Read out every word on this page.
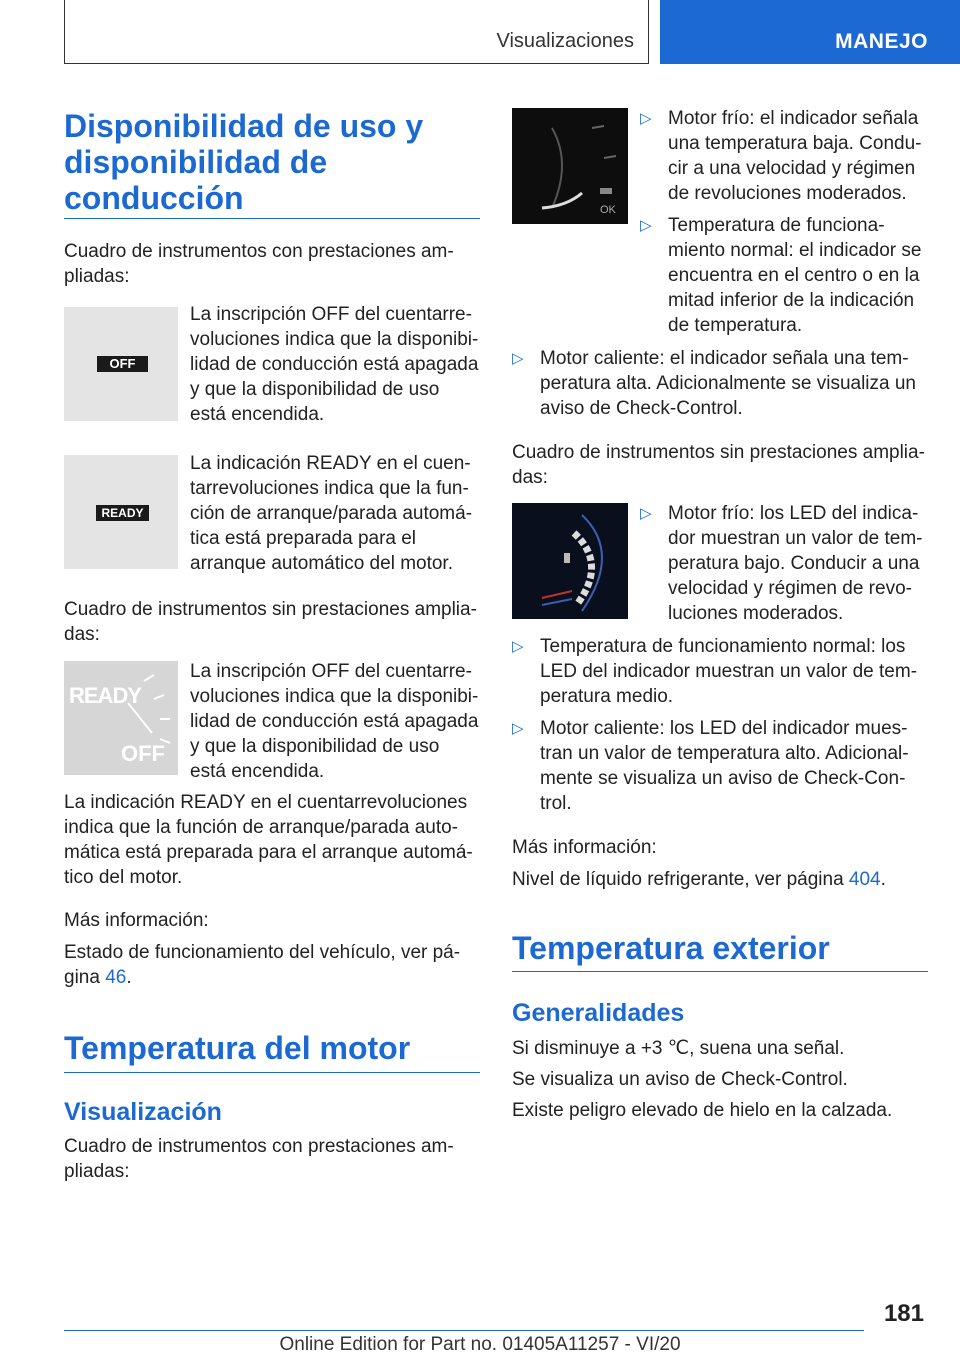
Visualizaciones	MANEJO
Disponibilidad de uso y
disponibilidad de
conducción
Cuadro de instrumentos con prestaciones am-
pliadas:
OFF
La inscripción OFF del cuentarre-
voluciones indica que la disponibi-
lidad de conducción está apagada
y que la disponibilidad de uso
está encendida.
READY
La indicación READY en el cuen-
tarrevoluciones indica que la fun-
ción de arranque/parada automá-
tica está preparada para el
arranque automático del motor.
Cuadro de instrumentos sin prestaciones amplia-
das:
READY
OFF
La inscripción OFF del cuentarre-
voluciones indica que la disponibi-
lidad de conducción está apagada
y que la disponibilidad de uso
está encendida.
La indicación READY en el cuentarrevoluciones
indica que la función de arranque/parada auto-
mática está preparada para el arranque automá-
tico del motor.
Más información:
Estado de funcionamiento del vehículo, ver pá-
gina 46.
Temperatura del motor
Visualización
Cuadro de instrumentos con prestaciones am-
pliadas:
OK
▷ Motor frío: el indicador señala
una temperatura baja. Condu-
cir a una velocidad y régimen
de revoluciones moderados.
▷ Temperatura de funciona-
miento normal: el indicador se
encuentra en el centro o en la
mitad inferior de la indicación
de temperatura.
▷ Motor caliente: el indicador señala una tem-
peratura alta. Adicionalmente se visualiza un
aviso de Check-Control.
Cuadro de instrumentos sin prestaciones amplia-
das:
▷ Motor frío: los LED del indica-
dor muestran un valor de tem-
peratura bajo. Conducir a una
velocidad y régimen de revo-
luciones moderados.
▷ Temperatura de funcionamiento normal: los
LED del indicador muestran un valor de tem-
peratura medio.
▷ Motor caliente: los LED del indicador mues-
tran un valor de temperatura alto. Adicional-
mente se visualiza un aviso de Check-Con-
trol.
Más información:
Nivel de líquido refrigerante, ver página 404.
Temperatura exterior
Generalidades
Si disminuye a +3 ℃, suena una señal.
Se visualiza un aviso de Check-Control.
Existe peligro elevado de hielo en la calzada.
181
Online Edition for Part no. 01405A11257 - VI/20
